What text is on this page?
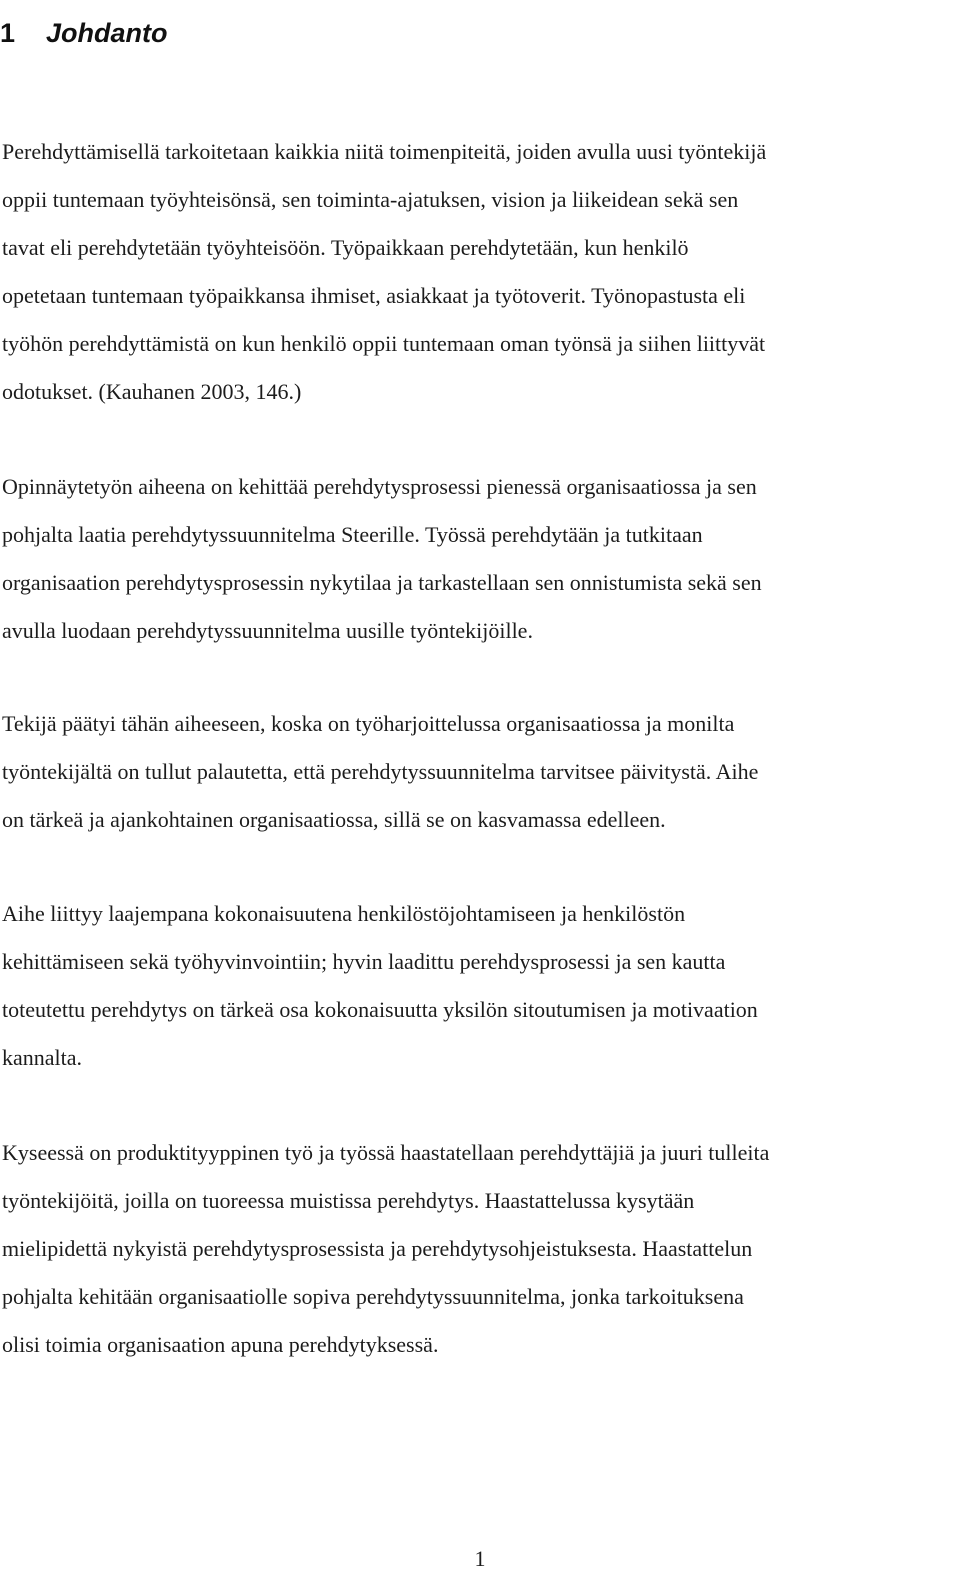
1	Johdanto
Perehdyttämisellä tarkoitetaan kaikkia niitä toimenpiteitä, joiden avulla uusi työntekijä
oppii tuntemaan työyhteisönsä, sen toiminta-ajatuksen, vision ja liikeidean sekä sen
tavat eli perehdytetään työyhteisöön. Työpaikkaan perehdytetään, kun henkilö
opetetaan tuntemaan työpaikkansa ihmiset, asiakkaat ja työtoverit. Työnopastusta eli
työhön perehdyttämistä on kun henkilö oppii tuntemaan oman työnsä ja siihen liittyvät
odotukset. (Kauhanen 2003, 146.)
Opinnäytetyön aiheena on kehittää perehdytysprosessi pienessä organisaatiossa ja sen
pohjalta laatia perehdytyssuunnitelma Steerille. Työssä perehdytään ja tutkitaan
organisaation perehdytysprosessin nykytilaa ja tarkastellaan sen onnistumista sekä sen
avulla luodaan perehdytyssuunnitelma uusille työntekijöille.
Tekijä päätyi tähän aiheeseen, koska on työharjoittelussa organisaatiossa ja monilta
työntekijältä on tullut palautetta, että perehdytyssuunnitelma tarvitsee päivitystä. Aihe
on tärkeä ja ajankohtainen organisaatiossa, sillä se on kasvamassa edelleen.
Aihe liittyy laajempana kokonaisuutena henkilöstöjohtamiseen ja henkilöstön
kehittämiseen sekä työhyvinvointiin; hyvin laadittu perehdysprosessi ja sen kautta
toteutettu perehdytys on tärkeä osa kokonaisuutta yksilön sitoutumisen ja motivaation
kannalta.
Kyseessä on produktityyppinen työ ja työssä haastatellaan perehdyttäjiä ja juuri tulleita
työntekijöitä, joilla on tuoreessa muistissa perehdytys. Haastattelussa kysytään
mielipidettä nykyistä perehdytysprosessista ja perehdytysohjeistuksesta. Haastattelun
pohjalta kehitään organisaatiolle sopiva perehdytyssuunnitelma, jonka tarkoituksena
olisi toimia organisaation apuna perehdytyksessä.
1
